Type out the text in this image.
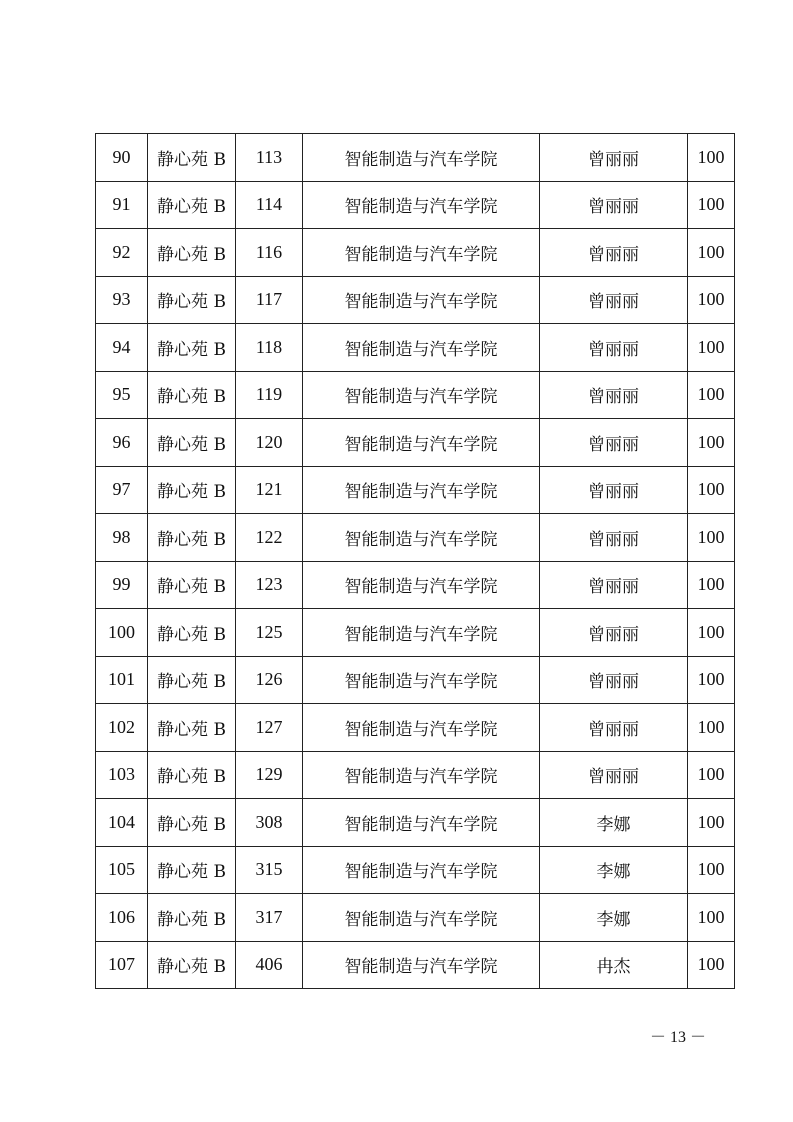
90	静心苑 B	113	智能制造与汽车学院	曾丽丽	100
91	静心苑 B	114	智能制造与汽车学院	曾丽丽	100
92	静心苑 B	116	智能制造与汽车学院	曾丽丽	100
93	静心苑 B	117	智能制造与汽车学院	曾丽丽	100
94	静心苑 B	118	智能制造与汽车学院	曾丽丽	100
95	静心苑 B	119	智能制造与汽车学院	曾丽丽	100
96	静心苑 B	120	智能制造与汽车学院	曾丽丽	100
97	静心苑 B	121	智能制造与汽车学院	曾丽丽	100
98	静心苑 B	122	智能制造与汽车学院	曾丽丽	100
99	静心苑 B	123	智能制造与汽车学院	曾丽丽	100
100	静心苑 B	125	智能制造与汽车学院	曾丽丽	100
101	静心苑 B	126	智能制造与汽车学院	曾丽丽	100
102	静心苑 B	127	智能制造与汽车学院	曾丽丽	100
103	静心苑 B	129	智能制造与汽车学院	曾丽丽	100
104	静心苑 B	308	智能制造与汽车学院	李娜	100
105	静心苑 B	315	智能制造与汽车学院	李娜	100
106	静心苑 B	317	智能制造与汽车学院	李娜	100
107	静心苑 B	406	智能制造与汽车学院	冉杰	100
－ 13 －
